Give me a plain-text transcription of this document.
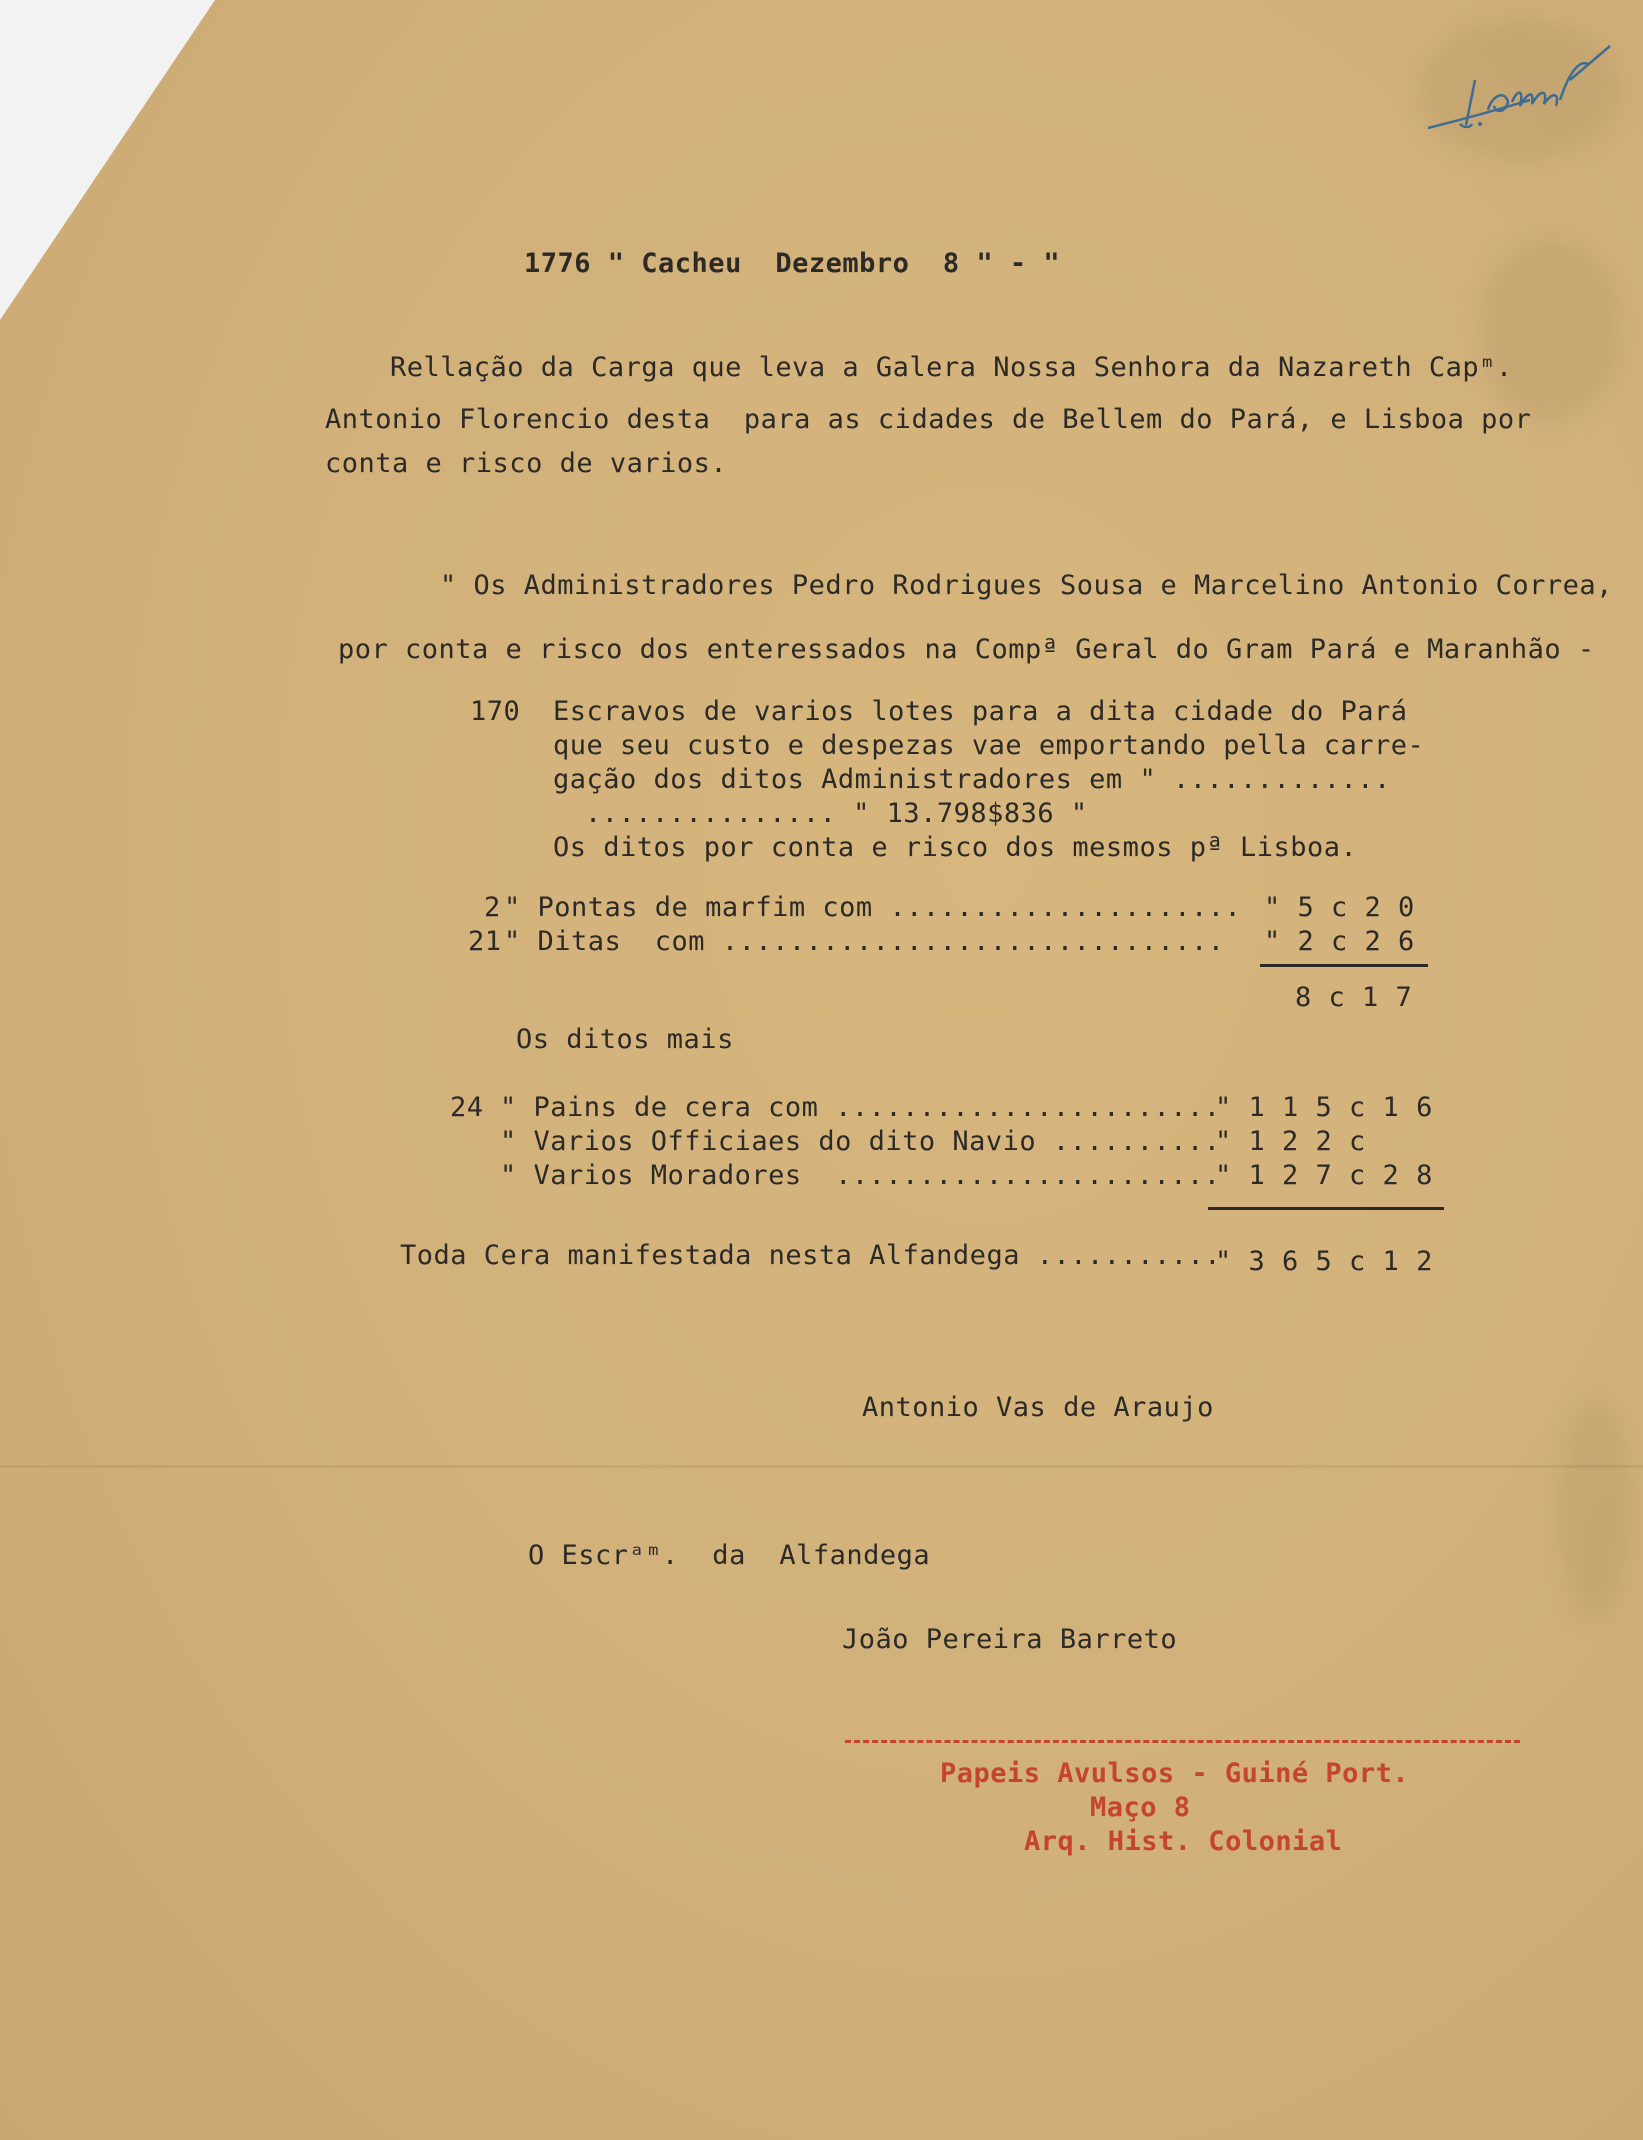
1776 " Cacheu  Dezembro  8 " - "
Rellação da Carga que leva a Galera Nossa Senhora da Nazareth Capᵐ.
Antonio Florencio desta  para as cidades de Bellem do Pará, e Lisboa por
conta e risco de varios.
" Os Administradores Pedro Rodrigues Sousa e Marcelino Antonio Correa,
por conta e risco dos enteressados na Compª Geral do Gram Pará e Maranhão -
170 Escravos de varios lotes para a dita cidade do Pará
que seu custo e despezas vae emportando pella carre-
gação dos ditos Administradores em " .............
............... " 13.798$836 "
Os ditos por conta e risco dos mesmos pª Lisboa.
2 " Pontas de marfim com ..................... " 5 c 2 0
21 " Ditas  com .............................. " 2 c 2 6
8 c 1 7
Os ditos mais
24 " Pains de cera com .......................
" 1 1 5 c 1 6
" Varios Officiaes do dito Navio ..........
" 1 2 2 c
" Varios Moradores  .......................
" 1 2 7 c 2 8
Toda Cera manifestada nesta Alfandega ...........
" 3 6 5 c 1 2
Antonio Vas de Araujo
O Escrᵃᵐ.  da  Alfandega
João Pereira Barreto
Papeis Avulsos - Guiné Port.
Maço 8
Arq. Hist. Colonial
